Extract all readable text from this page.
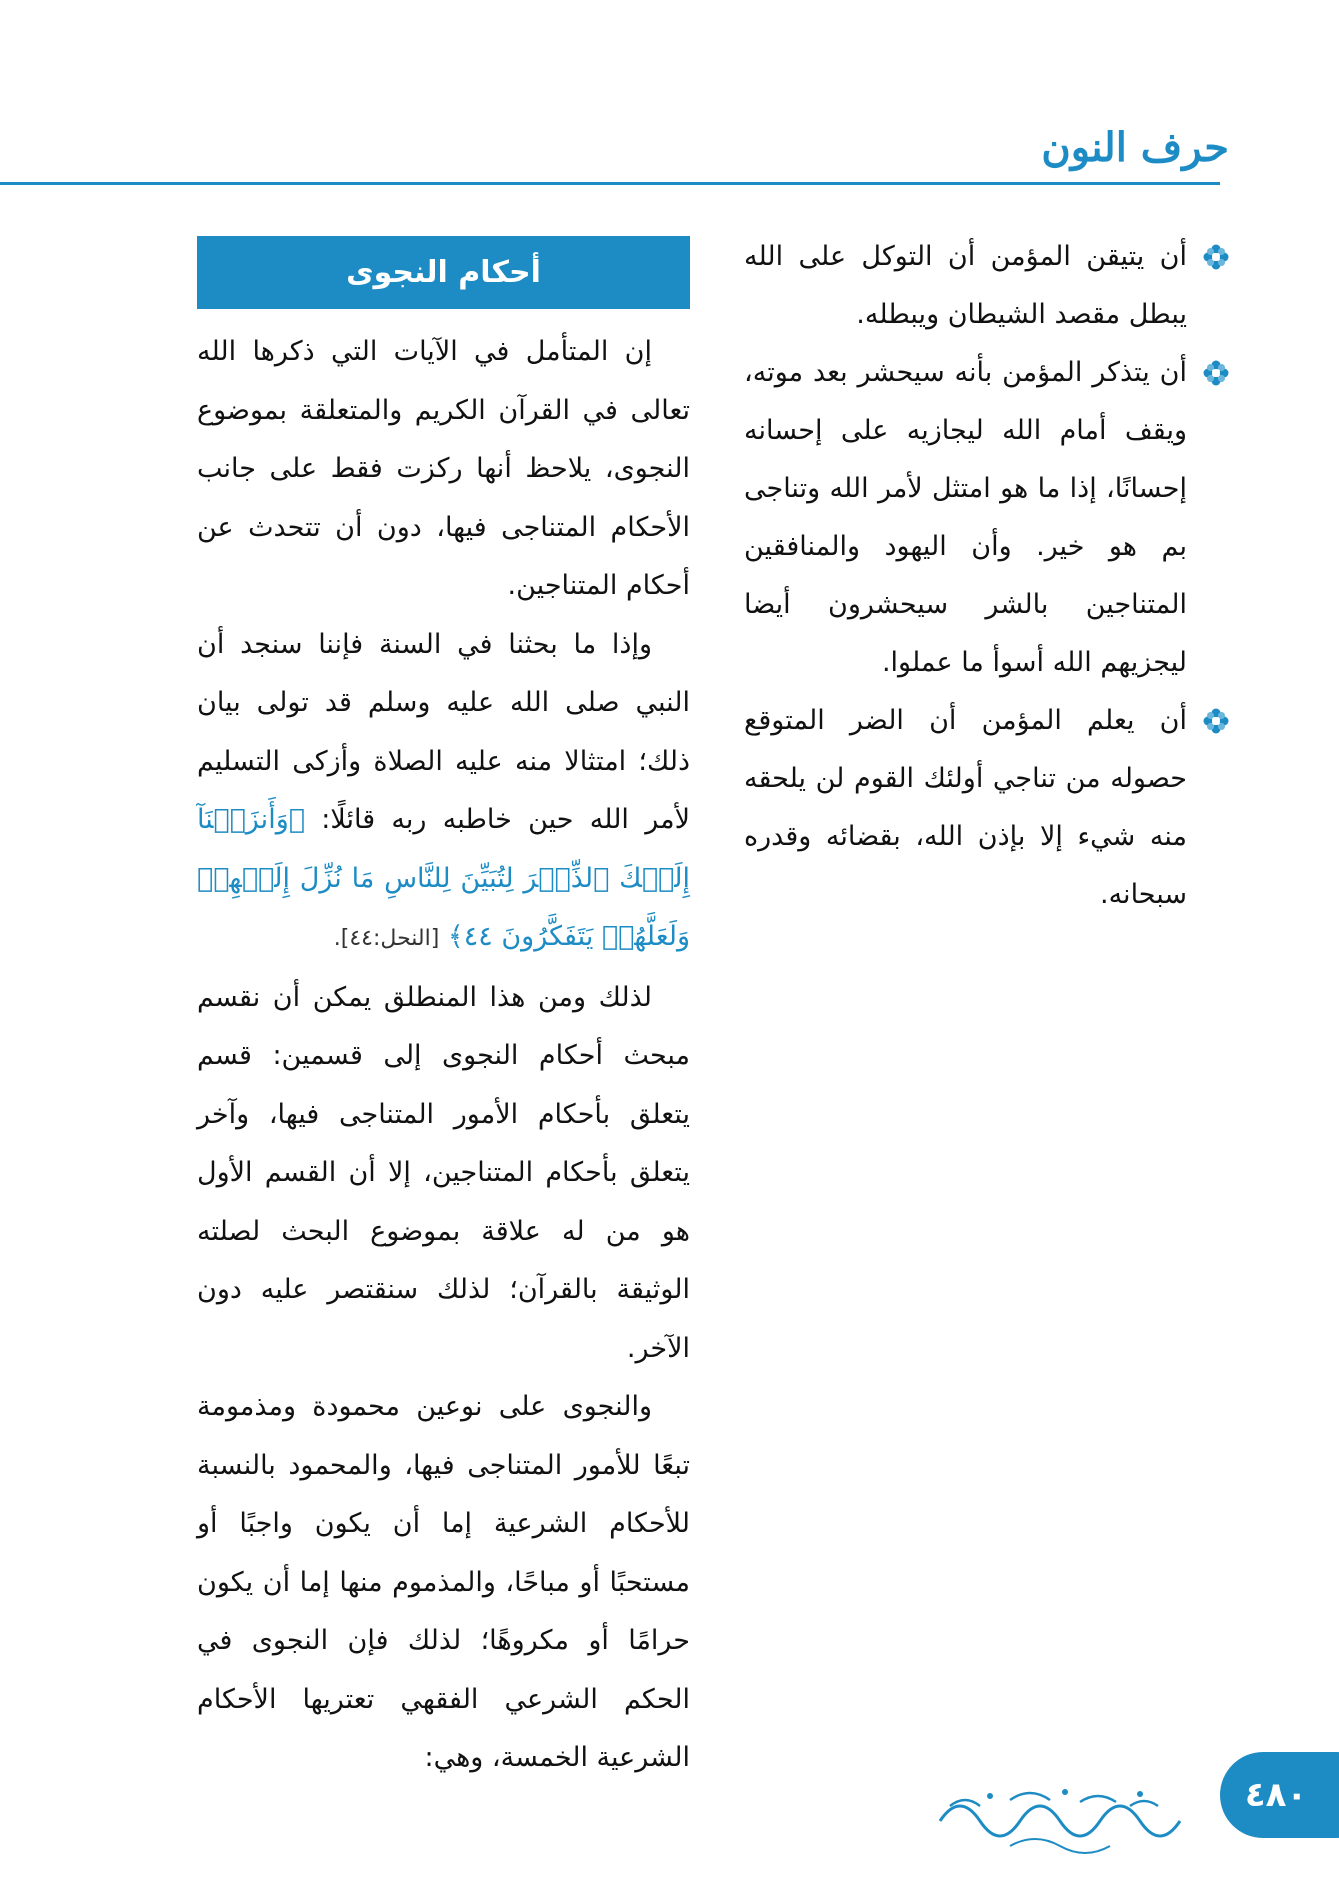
حرف النون
أن يتيقن المؤمن أن التوكل على الله يبطل مقصد الشيطان ويبطله.
أن يتذكر المؤمن بأنه سيحشر بعد موته، ويقف أمام الله ليجازيه على إحسانه إحسانًا، إذا ما هو امتثل لأمر الله وتناجى بم هو خير. وأن اليهود والمنافقين المتناجين بالشر سيحشرون أيضا ليجزيهم الله أسوأ ما عملوا.
أن يعلم المؤمن أن الضر المتوقع حصوله من تناجي أولئك القوم لن يلحقه منه شيء إلا بإذن الله، بقضائه وقدره سبحانه.
أحكام النجوى

إن المتأمل في الآيات التي ذكرها الله تعالى في القرآن الكريم والمتعلقة بموضوع النجوى، يلاحظ أنها ركزت فقط على جانب الأحكام المتناجى فيها، دون أن تتحدث عن أحكام المتناجين.

وإذا ما بحثنا في السنة فإننا سنجد أن النبي صلى الله عليه وسلم قد تولى بيان ذلك؛ امتثالا منه عليه الصلاة وأزكى التسليم لأمر الله حين خاطبه ربه قائلًا: ﴿وَأَنزَلۡنَآ إِلَيۡكَ ٱلذِّكۡرَ لِتُبَيِّنَ لِلنَّاسِ مَا نُزِّلَ إِلَيۡهِمۡ وَلَعَلَّهُمۡ يَتَفَكَّرُونَ ٤٤﴾ [النحل:٤٤].

لذلك ومن هذا المنطلق يمكن أن نقسم مبحث أحكام النجوى إلى قسمين: قسم يتعلق بأحكام الأمور المتناجى فيها، وآخر يتعلق بأحكام المتناجين، إلا أن القسم الأول هو من له علاقة بموضوع البحث لصلته الوثيقة بالقرآن؛ لذلك سنقتصر عليه دون الآخر.

والنجوى على نوعين محمودة ومذمومة تبعًا للأمور المتناجى فيها، والمحمود بالنسبة للأحكام الشرعية إما أن يكون واجبًا أو مستحبًا أو مباحًا، والمذموم منها إما أن يكون حرامًا أو مكروهًا؛ لذلك فإن النجوى في الحكم الشرعي الفقهي تعتريها الأحكام الشرعية الخمسة، وهي:

٤٨٠
